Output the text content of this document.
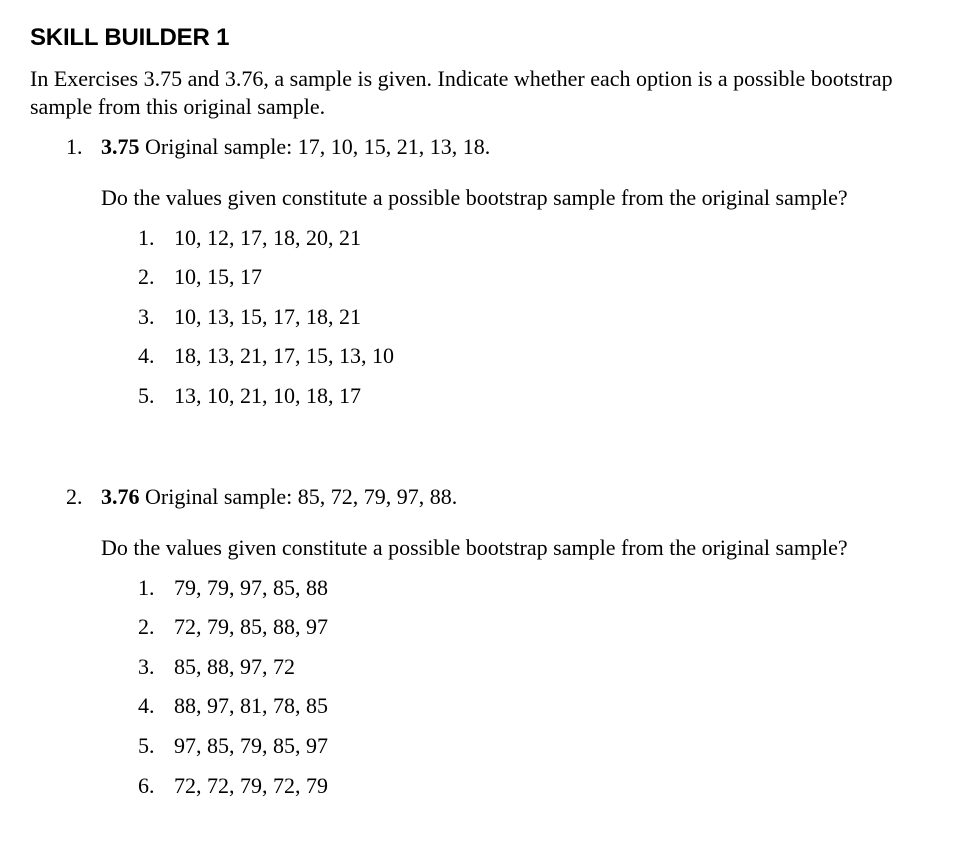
SKILL BUILDER 1
In Exercises 3.75 and 3.76, a sample is given. Indicate whether each option is a possible bootstrap sample from this original sample.
1. 3.75 Original sample: 17, 10, 15, 21, 13, 18.
Do the values given constitute a possible bootstrap sample from the original sample?
1. 10, 12, 17, 18, 20, 21
2. 10, 15, 17
3. 10, 13, 15, 17, 18, 21
4. 18, 13, 21, 17, 15, 13, 10
5. 13, 10, 21, 10, 18, 17
2. 3.76 Original sample: 85, 72, 79, 97, 88.
Do the values given constitute a possible bootstrap sample from the original sample?
1. 79, 79, 97, 85, 88
2. 72, 79, 85, 88, 97
3. 85, 88, 97, 72
4. 88, 97, 81, 78, 85
5. 97, 85, 79, 85, 97
6. 72, 72, 79, 72, 79
